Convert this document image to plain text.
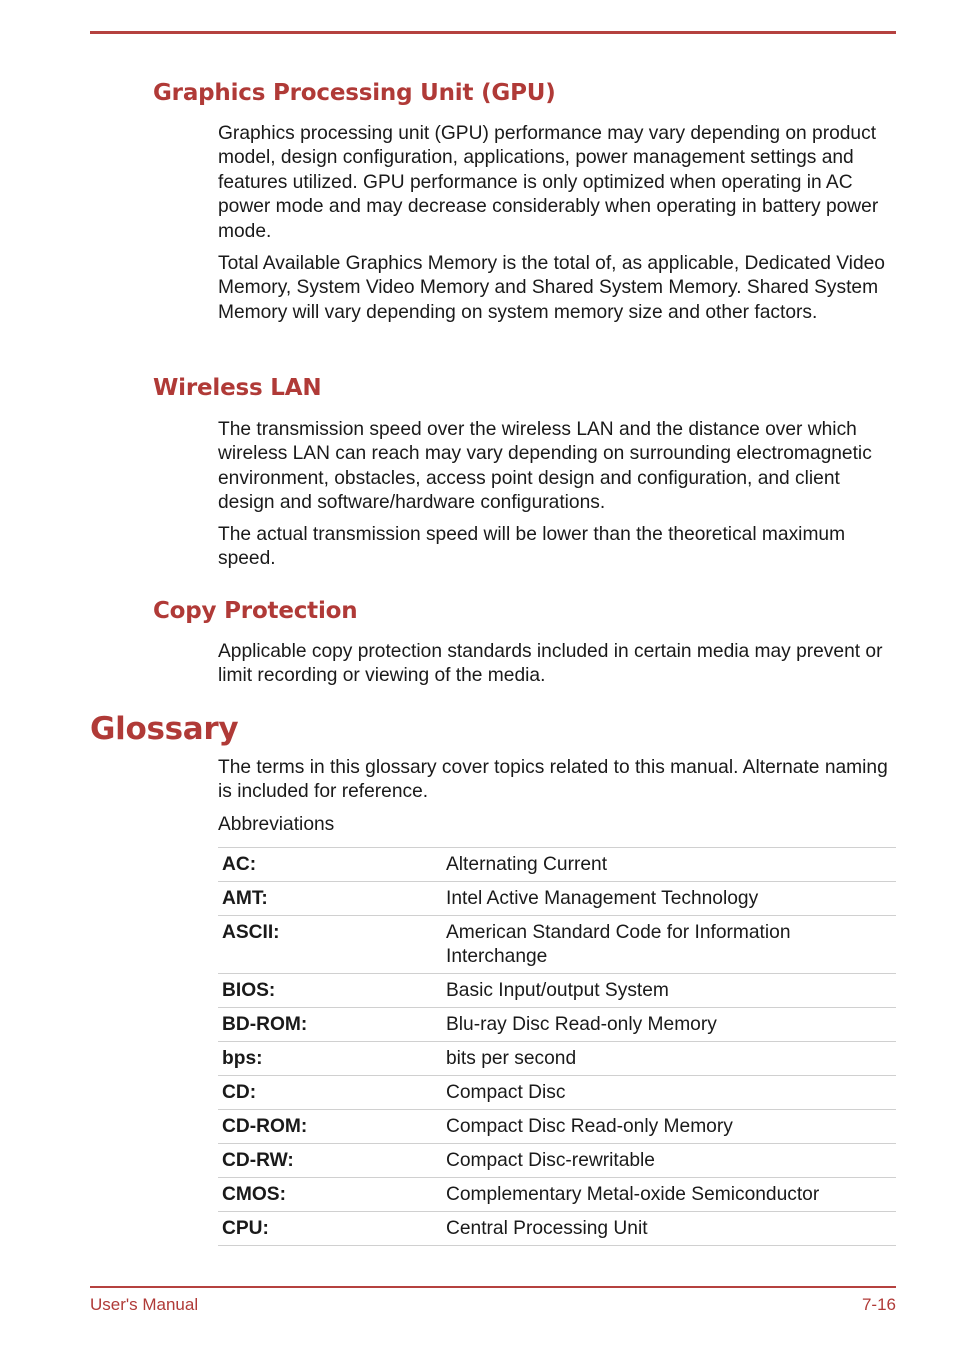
Graphics Processing Unit (GPU)

Graphics processing unit (GPU) performance may vary depending on product model, design configuration, applications, power management settings and features utilized. GPU performance is only optimized when operating in AC power mode and may decrease considerably when operating in battery power mode.

Total Available Graphics Memory is the total of, as applicable, Dedicated Video Memory, System Video Memory and Shared System Memory. Shared System Memory will vary depending on system memory size and other factors.

Wireless LAN

The transmission speed over the wireless LAN and the distance over which wireless LAN can reach may vary depending on surrounding electromagnetic environment, obstacles, access point design and configuration, and client design and software/hardware configurations.

The actual transmission speed will be lower than the theoretical maximum speed.

Copy Protection

Applicable copy protection standards included in certain media may prevent or limit recording or viewing of the media.

Glossary

The terms in this glossary cover topics related to this manual. Alternate naming is included for reference.

Abbreviations

AC:	Alternating Current
AMT:	Intel Active Management Technology
ASCII:	American Standard Code for Information Interchange
BIOS:	Basic Input/output System
BD-ROM:	Blu-ray Disc Read-only Memory
bps:	bits per second
CD:	Compact Disc
CD-ROM:	Compact Disc Read-only Memory
CD-RW:	Compact Disc-rewritable
CMOS:	Complementary Metal-oxide Semiconductor
CPU:	Central Processing Unit
User's Manual	7-16
